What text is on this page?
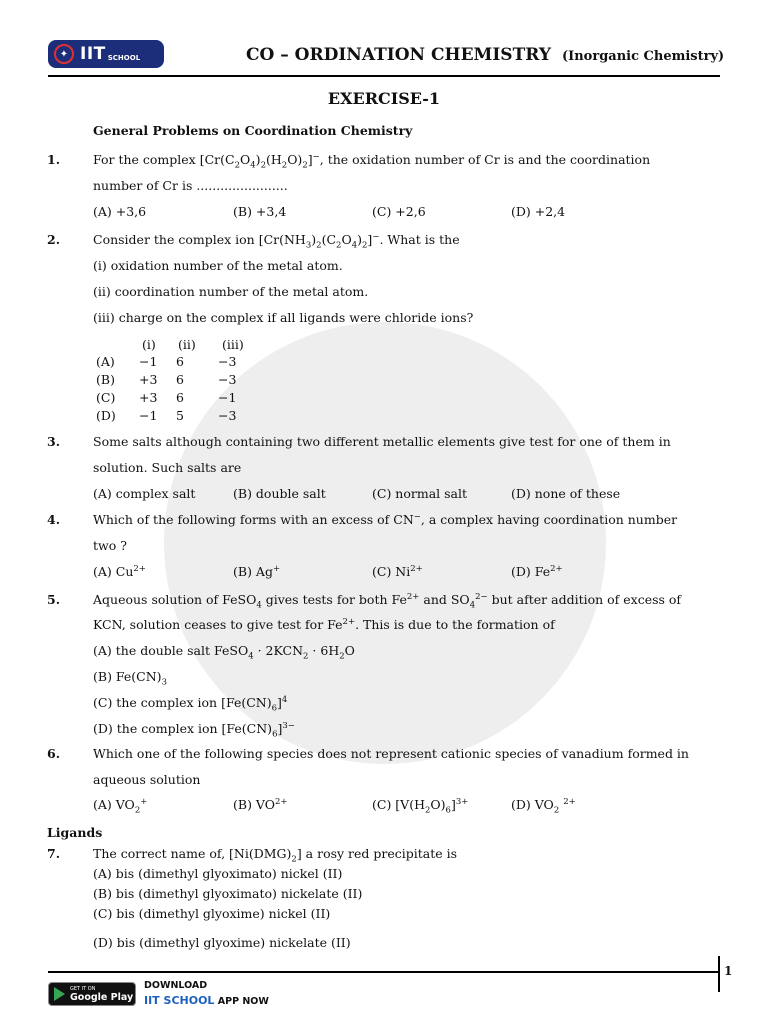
✦ IIT SCHOOL	CO – ORDINATION CHEMISTRY (Inorganic Chemistry)
EXERCISE-1
General Problems on Coordination Chemistry
1.	For the complex $[Cr(C_2O_4)_2(H_2O)_2]^-$, the oxidation number of Cr is and the coordination
number of Cr is .......................
(A) +3,6	(B) +3,4	(C) +2,6	(D) +2,4
2.	Consider the complex ion $[Cr(NH_3)_2(C_2O_4)_2]^-$. What is the
(i) oxidation number of the metal atom.
(ii) coordination number of the metal atom.
(iii) charge on the complex if all ligands were chloride ions?
(i) (ii) (iii)
(A) −1 6	−3
(B) +3 6	−3
(C) +3 6	−1
(D) −1 5	−3
3.	Some salts although containing two different metallic elements give test for one of them in
solution. Such salts are
(A) complex salt	(B) double salt	(C) normal salt	(D) none of these
4.	Which of the following forms with an excess of CN−, a complex having coordination number
two ?
(A) $Cu^{2+}$	(B) Ag+	(C) $Ni^{2+}$	(D) $Fe^{2+}$
5.	Aqueous solution of FeSO$_4$ gives tests for both $Fe^{2+}$ and $SO_4^{2-}$ but after addition of excess of
KCN, solution ceases to give test for $Fe^{2+}$. This is due to the formation of
(A) the double salt FeSO$_4$ · $2KCN_2 \cdot 6H_2O$
(B) $Fe(CN)_3$
(C) the complex ion $[Fe(CN)_6]^4$
(D) the complex ion $[Fe(CN)_6]^{3-}$
6.	Which one of the following species does not represent cationic species of vanadium formed in
aqueous solution
(A) $VO_2^+$	(B) $VO^{2+}$	(C) $[V(H_2O)_6]^{3+}$	(D) $VO_2$ $^{2+}$
Ligands
7.	The correct name of, $[Ni(DMG)_2]$ a rosy red precipitate is
(A) bis (dimethyl glyoximato) nickel (II)
(B) bis (dimethyl glyoximato) nickelate (II)
(C) bis (dimethyl glyoxime) nickel (II)
(D) bis (dimethyl glyoxime) nickelate (II)
1
GET IT ON
Google Play
DOWNLOAD
IIT SCHOOL APP NOW
